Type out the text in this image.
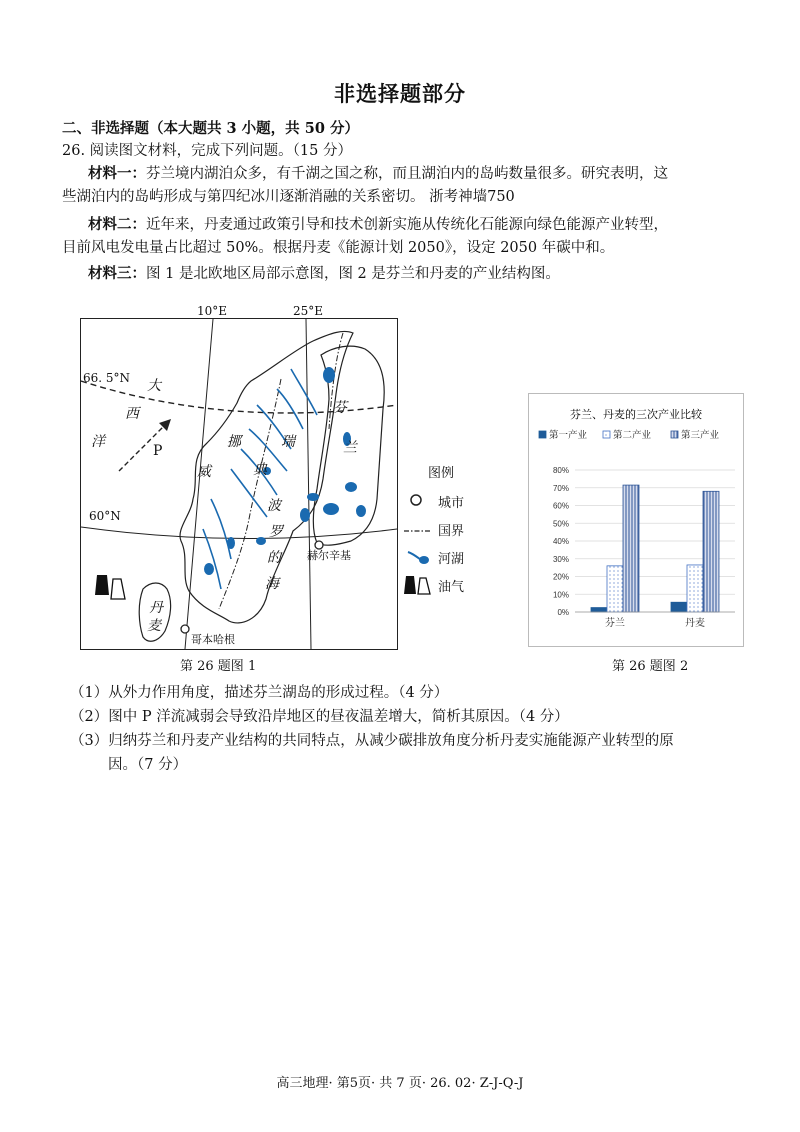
非选择题部分
二、非选择题（本大题共 3 小题，共 50 分）
26. 阅读图文材料，完成下列问题。（15 分）
材料一：芬兰境内湖泊众多，有千湖之国之称，而且湖泊内的岛屿数量很多。研究表明，这
些湖泊内的岛屿形成与第四纪冰川逐渐消融的关系密切。 浙考神墙750
材料二：近年来，丹麦通过政策引导和技术创新实施从传统化石能源向绿色能源产业转型，
目前风电发电量占比超过 50%。根据丹麦《能源计划 2050》，设定 2050 年碳中和。
材料三：图 1 是北欧地区局部示意图，图 2 是芬兰和丹麦的产业结构图。
10°E	25°E
66. 5°N
60°N
大
西
洋
P
挪
威
瑞
典
芬
兰
波
罗
的
海
丹
麦
赫尔辛基
哥本哈根
图例
城市
国界
河湖
油气
芬兰、丹麦的三次产业比较
第一产业	第二产业	第三产业
0%
10%
20%
30%
40%
50%
60%
70%
80%
芬兰	丹麦
第 26 题图 1	第 26 题图 2
（1）从外力作用角度，描述芬兰湖岛的形成过程。（4 分）
（2）图中 P 洋流减弱会导致沿岸地区的昼夜温差增大，简析其原因。（4 分）
（3）归纳芬兰和丹麦产业结构的共同特点，从减少碳排放角度分析丹麦实施能源产业转型的原
因。（7 分）
高三地理· 第5页· 共 7 页· 26. 02· Z-J-Q-J
